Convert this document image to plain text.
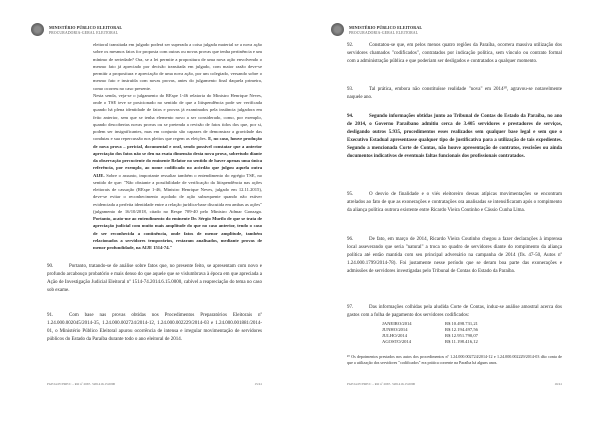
MINISTÉRIO PÚBLICO ELEITORAL
PROCURADORIA-GERAL ELEITORAL

eleitoral transitada em julgado poderá ser superada a coisa julgada material se a nova ação sobre os mesmos fatos for proposta com outras ou novas provas que tenha pertinência e um mínimo de seriedade? Ora, se a lei permite a propositura de uma nova ação envolvendo o mesmo fato já apreciado por decisão transitada em julgado, com maior razão deve-se permitir a propositura e apreciação de uma nova ação, por um colegiado, versando sobre o mesmo fato e instruída com novas provas, antes do julgamento final daquela primeira, como ocorreu no caso presente.

Nesta senda, veja-se o julgamento do REspe 1-46 relatoria do Ministro Henrique Neves, onde o TSE teve se posicionado no sentido de que a litispendência pode ser verificada quando há plena identidade de fatos e provas já examinados pela instância julgadora em feito anterior, sem que se tenha elemento novo a ser considerado, como, por exemplo, quando descobertas novas provas ou se pretenda a revisão de fatos tidos dos que, por si, podem ser insignificantes, mas em conjunto são capazes de demonstrar a gravidade das condutas e sua repercussão nos pleitos que regem as eleições. E, no caso, houve produção de nova prova – pericial, documental e oral, sendo possível constatar que a anterior apreciação dos fatos não se deu na exata dimensão desta nova prova, sobretudo diante da observação percuciente do eminente Relator no sentido de haver apenas uma única referência, por exemplo, ao nome codificado no acórdão que julgou aquela outra AIJE. Sobre o assunto, importante ressaltar também o entendimento do egrégio TSE, no sentido de que: "Não obstante a possibilidade de verificação da litispendência nas ações eleitorais de cassação (REspe 1-46, Ministro Henrique Neves, julgado em 12.11.2015), deve-se evitar o reconhecimento açodado de ação subsequente quando não estiver evidenciada a perfeita identidade entre a relação jurídica-base discutida em ambas as ações" (julgamento de 16/10/2018, citado no Respe 709-40 pelo Ministro Admar Gonzaga. Portanto, acato-me ao entendimento do eminente Dr. Sérgio Murilo de que se trata de apreciação judicial com muito mais amplitude do que no caso anterior, tendo o caso de ser reconhecida a continência, onde fatos de menor amplitude, também relacionados a servidores temporários, restaram analisados, mediante provas de menor profundidade, na AIJE 1514-74."

90.	Portanto, tratando-se de análise sobre fatos que, no presente feito, se apresentam com novo e profundo arcabouço probatório e mais denso do que aquele que se vislumbrava à época em que apreciada a Ação de Investigação Judicial Eleitoral nº 1514-74.2014.6.15.0000, cabível a reapreciação do tema no caso sob exame.
91.	Com base nas provas obtidas nos Procedimentos Preparatórios Eleitorais nº 1.24.000.002045/2014-35, 1.24.000.002724/2014-12, 1.24.000.002229/2014-03 e 1.24.000.001881/2014-01, o Ministério Público Eleitoral apurou ocorrência de intensa e irregular movimentação de servidores públicos do Estado da Paraíba durante todo o ano eleitoral de 2014.
PGE/GOV/PRE/C – RO nº 2667- 5201416.15.0000	15/41
MINISTÉRIO PÚBLICO ELEITORAL
PROCURADORIA-GERAL ELEITORAL
92.	Constatou-se que, em pelos menos quatro regiões da Paraíba, ocorrera massiva utilização dos servidores chamados "codificados", contratados por indicação política, sem vínculo ou contrato formal com a administração pública e que poderiam ser desligados e contratados a qualquer momento.
93.	Tal prática, embora não constituísse realidade "nova" em 2014²⁰, agravou-se notavelmente naquele ano.
94.	Segundo informações obtidas junto ao Tribunal de Contas do Estado da Paraíba, no ano de 2014, o Governo Paraibano admitiu cerca de 3.405 servidores e prestadores de serviços, desligando outros 5.935, procedimentos esses realizados sem qualquer base legal e sem que o Executivo Estadual apresentasse qualquer tipo de justificativa para a utilização de tais expedientes. Segundo a mencionada Corte de Contas, não houve apresentação de contratos, rescisões ou ainda documentos indicativos de eventuais faltas funcionais dos profissionais contratados.
95.	O desvio de finalidade e o viés eleitoreiro dessas atípicas movimentações se encontram atrelados ao fato de que as exonerações e contratações ora analisadas se intensificaram após o rompimento da aliança política outrora existente entre Ricardo Vieira Coutinho e Cássio Cunha Lima.
96.	De fato, em março de 2014, Ricardo Vieira Coutinho chegou a fazer declarações à imprensa local asseverando que seria "natural" a troca no quadro de servidores diante do rompimento da aliança política até então mantida com seu principal adversário na campanha de 2014 (fls. 47-50, Autos nº 1.24.000.1799/2014-78). Foi justamente nesse período que se deram boa parte das exonerações e admissões de servidores investigadas pelo Tribunal de Contas do Estado da Paraíba.
97.	Das informações colhidas pela aludida Corte de Contas, induz-se análise amostral acerca dos gastos com a folha de pagamento dos servidores codificados:
JANEIRO/2014	R$ 10.498.731,21
JUNHO/2014	R$ 12.194.497,56
JULHO/2014	R$ 12.951.790,07
AGOSTO/2014	R$ 11.198.416,12
²⁰ Os depoimentos prestados nos autos dos procedimentos nº 1.24.000.002724/2014-12 e 1.24.000.002229/2014-03 dão conta de que a utilização dos servidores "codificados" era prática corrente na Paraíba há alguns anos.
PGE/GOV/PRE/C – RO nº 2667- 5201416.15.0000	16/41
